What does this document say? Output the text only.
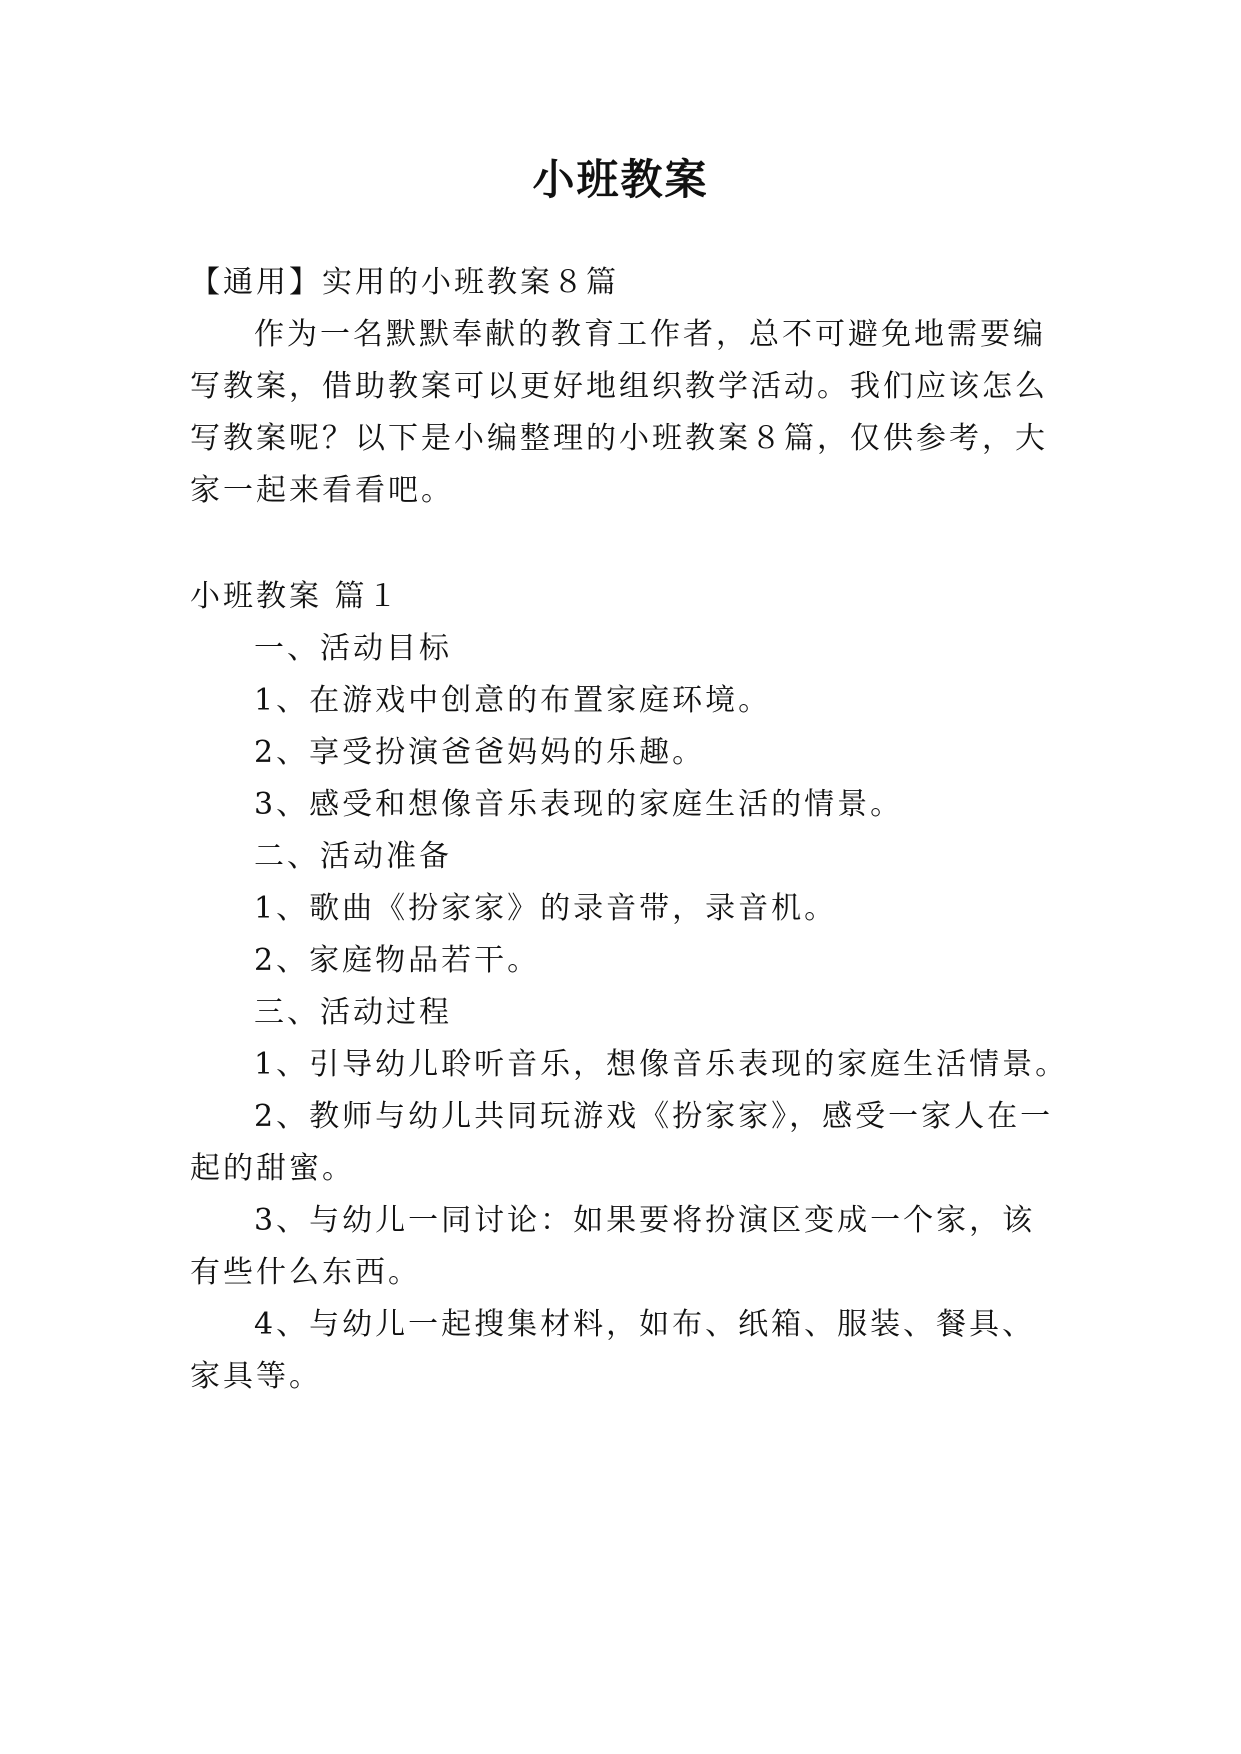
小班教案
【通用】实用的小班教案８篇
作为一名默默奉献的教育工作者，总不可避免地需要编
写教案，借助教案可以更好地组织教学活动。我们应该怎么
写教案呢？以下是小编整理的小班教案８篇，仅供参考，大
家一起来看看吧。
小班教案 篇１
一、活动目标
1、在游戏中创意的布置家庭环境。
2、享受扮演爸爸妈妈的乐趣。
3、感受和想像音乐表现的家庭生活的情景。
二、活动准备
1、歌曲《扮家家》的录音带，录音机。
2、家庭物品若干。
三、活动过程
1、引导幼儿聆听音乐，想像音乐表现的家庭生活情景。
2、教师与幼儿共同玩游戏《扮家家》，感受一家人在一
起的甜蜜。
3、与幼儿一同讨论：如果要将扮演区变成一个家，该
有些什么东西。
4、与幼儿一起搜集材料，如布、纸箱、服装、餐具、
家具等。
